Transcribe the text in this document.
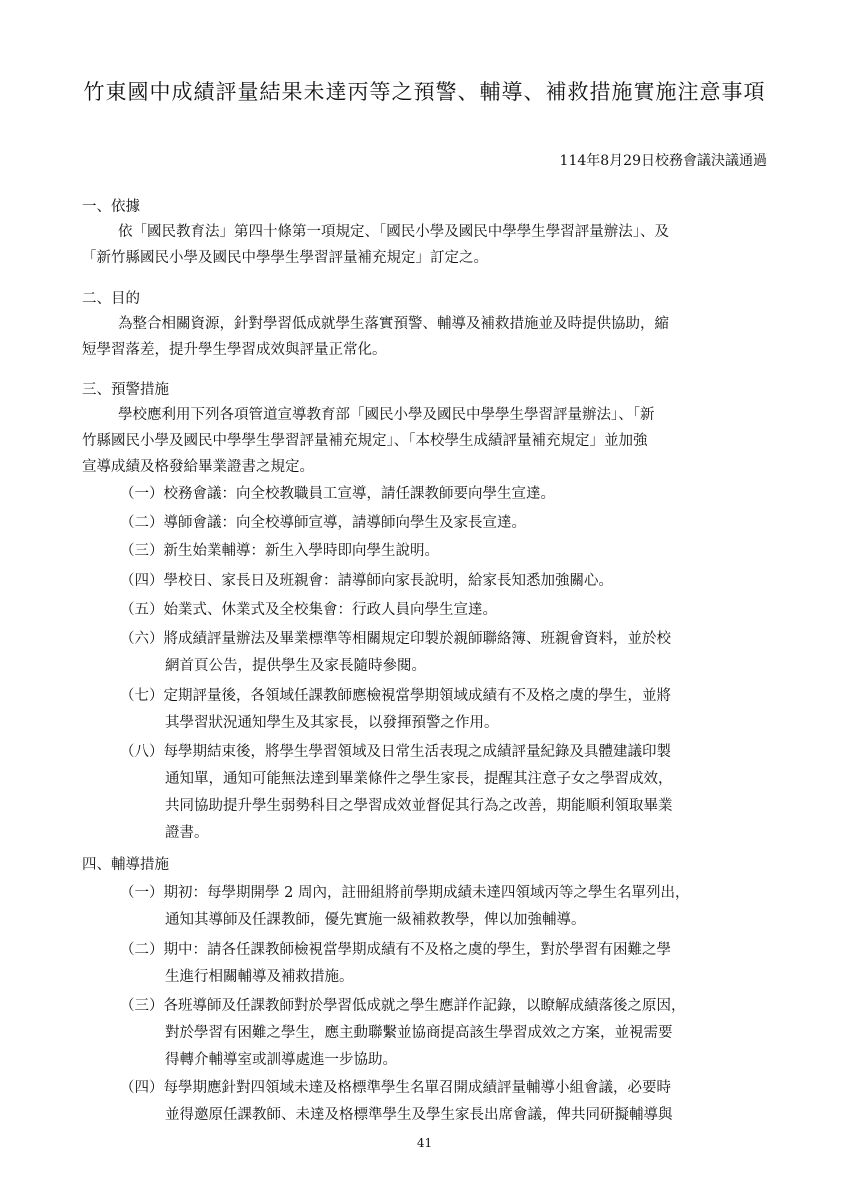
竹東國中成績評量結果未達丙等之預警、輔導、補救措施實施注意事項
114年8月29日校務會議決議通過
一、依據
依「國民教育法」第四十條第一項規定、「國民小學及國民中學學生學習評量辦法」、及
「新竹縣國民小學及國民中學學生學習評量補充規定」訂定之。
二、目的
為整合相關資源，針對學習低成就學生落實預警、輔導及補救措施並及時提供協助，縮
短學習落差，提升學生學習成效與評量正常化。
三、預警措施
學校應利用下列各項管道宣導教育部「國民小學及國民中學學生學習評量辦法」、「新
竹縣國民小學及國民中學學生學習評量補充規定」、「本校學生成績評量補充規定」並加強
宣導成績及格發給畢業證書之規定。
（一）校務會議：向全校教職員工宣導，請任課教師要向學生宣達。
（二）導師會議：向全校導師宣導，請導師向學生及家長宣達。
（三）新生始業輔導：新生入學時即向學生說明。
（四）學校日、家長日及班親會：請導師向家長說明，給家長知悉加強關心。
（五）始業式、休業式及全校集會：行政人員向學生宣達。
（六）將成績評量辦法及畢業標準等相關規定印製於親師聯絡簿、班親會資料，並於校
網首頁公告，提供學生及家長隨時參閱。
（七）定期評量後，各領域任課教師應檢視當學期領域成績有不及格之虞的學生，並將
其學習狀況通知學生及其家長，以發揮預警之作用。
（八）每學期結束後，將學生學習領域及日常生活表現之成績評量紀錄及具體建議印製
通知單，通知可能無法達到畢業條件之學生家長，提醒其注意子女之學習成效，
共同協助提升學生弱勢科目之學習成效並督促其行為之改善，期能順利領取畢業
證書。
四、輔導措施
（一）期初：每學期開學 2 周內，註冊組將前學期成績未達四領域丙等之學生名單列出，
通知其導師及任課教師，優先實施一級補救教學，俾以加強輔導。
（二）期中：請各任課教師檢視當學期成績有不及格之虞的學生，對於學習有困難之學
生進行相關輔導及補救措施。
（三）各班導師及任課教師對於學習低成就之學生應詳作記錄，以瞭解成績落後之原因，
對於學習有困難之學生，應主動聯繫並協商提高該生學習成效之方案，並視需要
得轉介輔導室或訓導處進一步協助。
（四）每學期應針對四領域未達及格標準學生名單召開成績評量輔導小組會議，必要時
並得邀原任課教師、未達及格標準學生及學生家長出席會議，俾共同研擬輔導與
41
